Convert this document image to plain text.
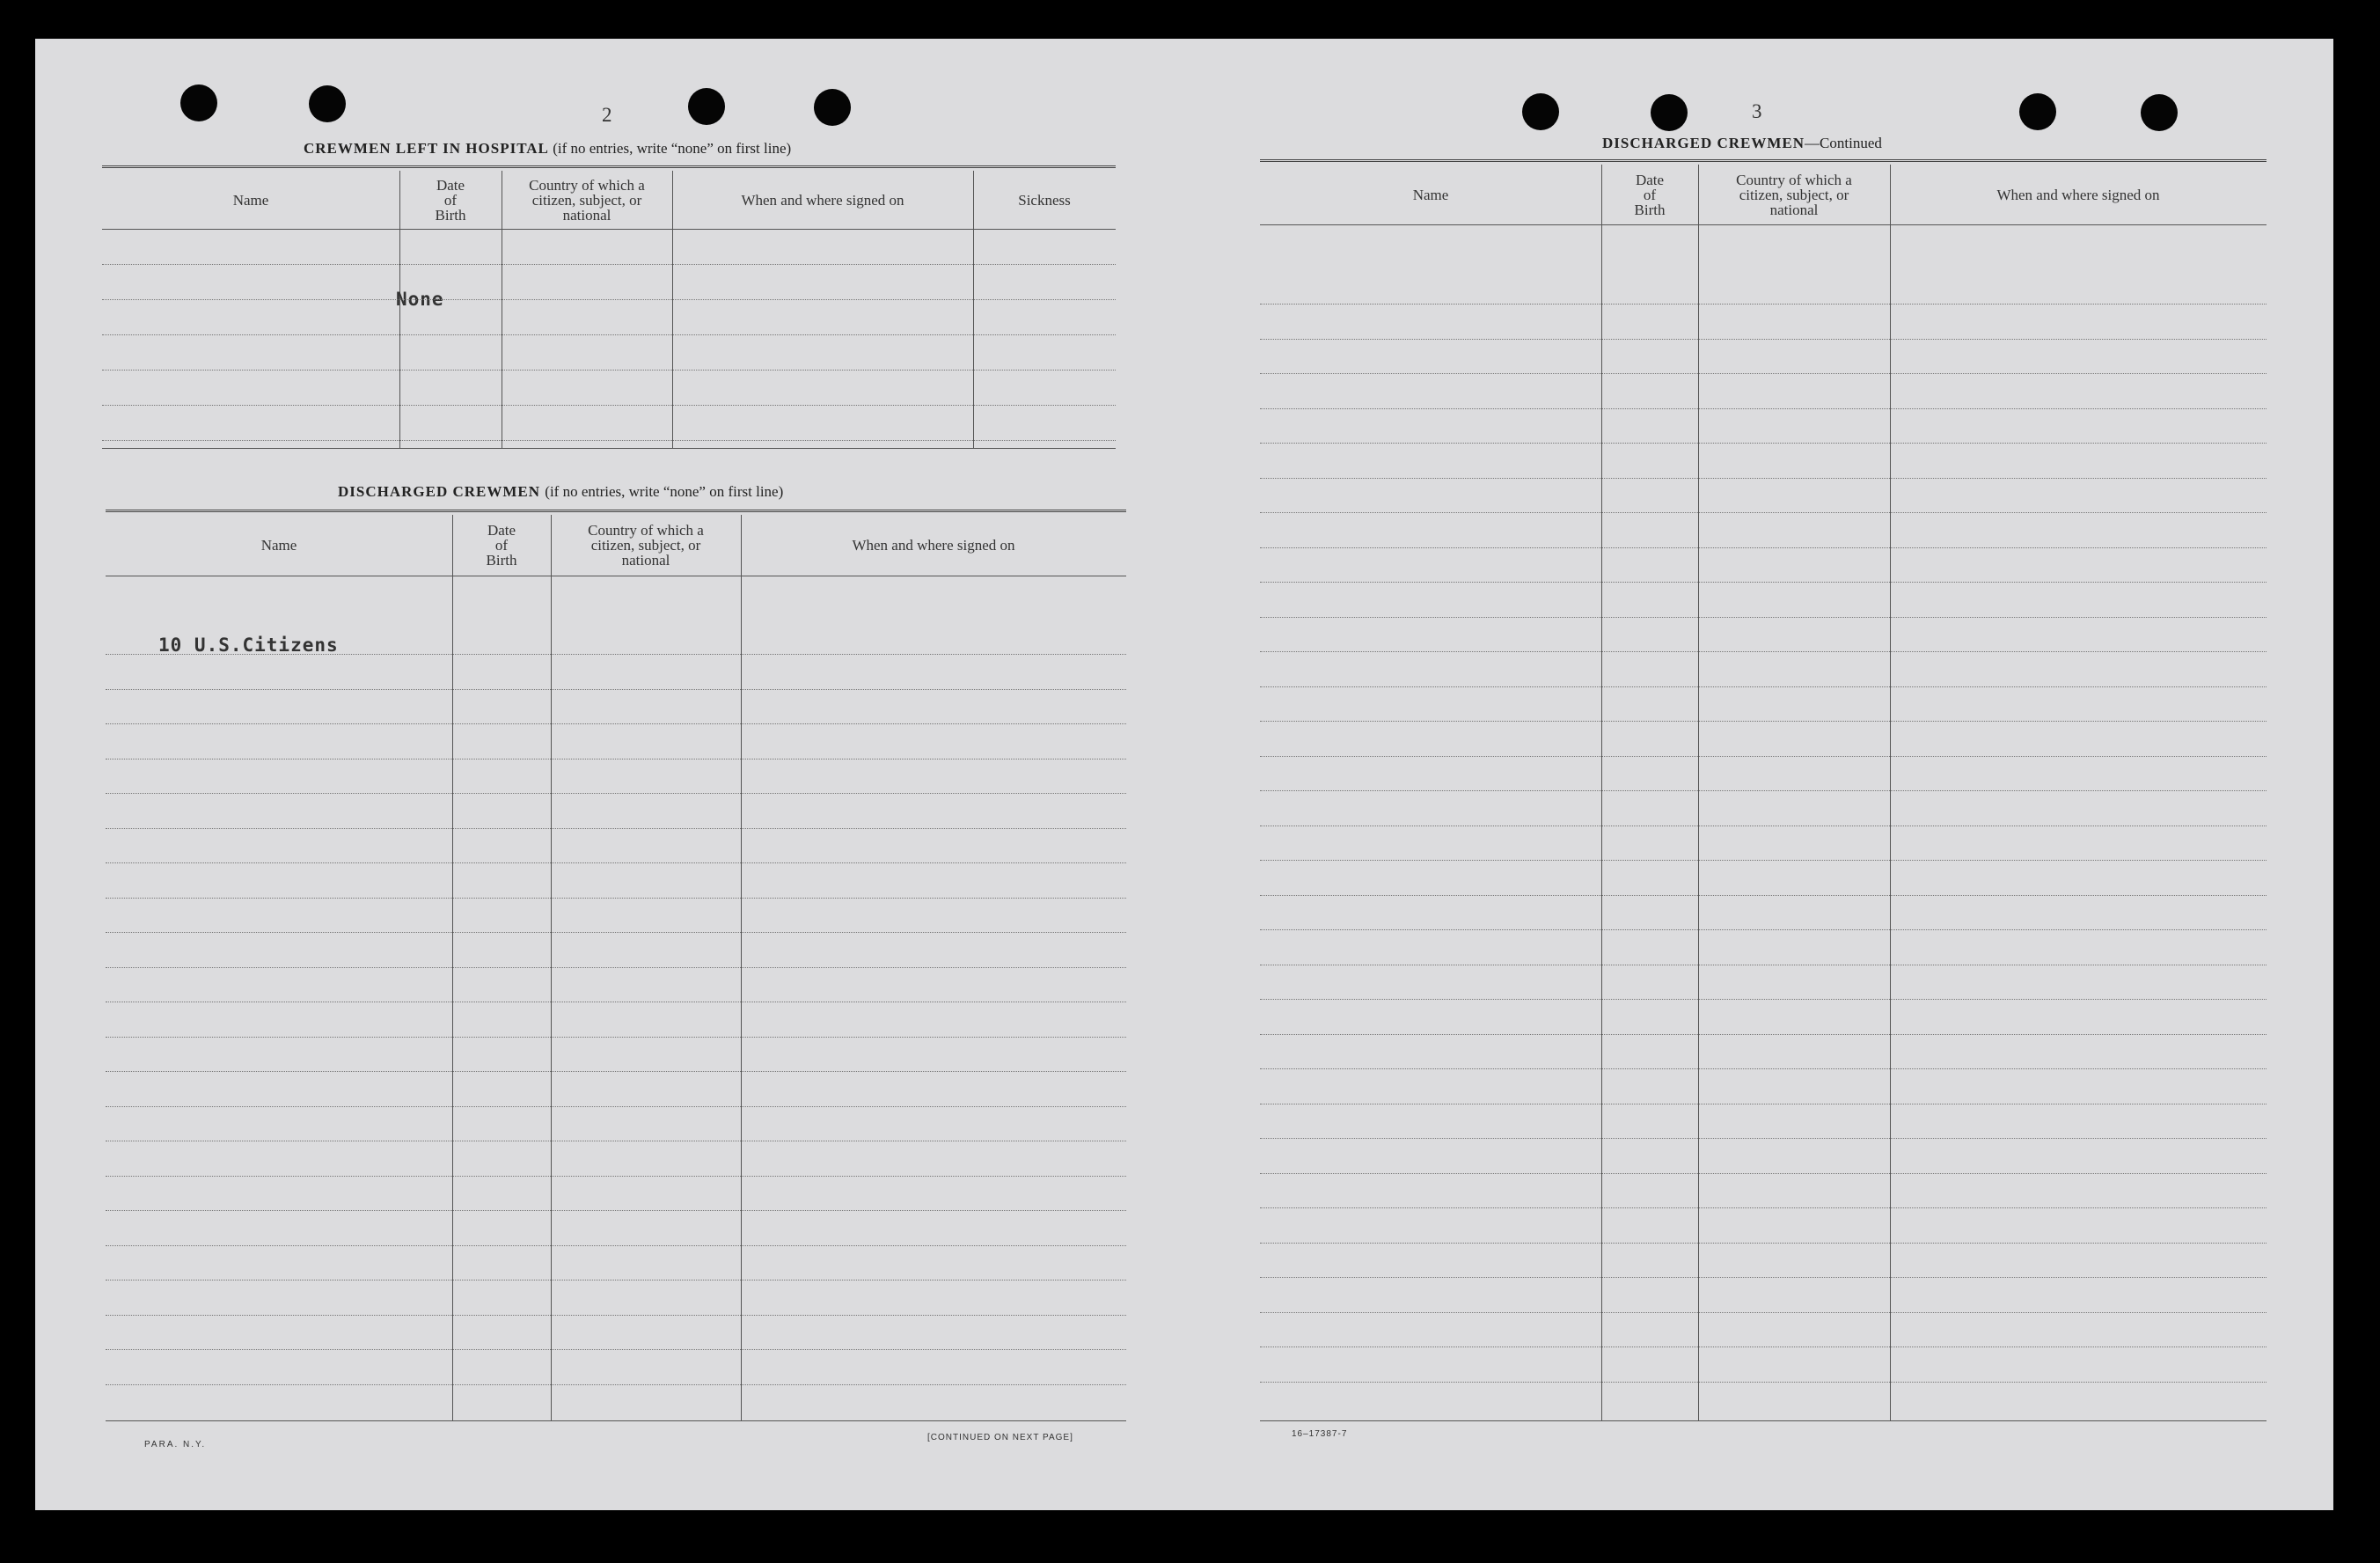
2
CREWMEN LEFT IN HOSPITAL (if no entries, write “none” on first line)
Name
Date
of
Birth
Country of which a
citizen, subject, or
national
When and where signed on	Sickness
None
DISCHARGED CREWMEN (if no entries, write “none” on first line)
Name
Date
of
Birth
Country of which a
citizen, subject, or
national
When and where signed on
10 U.S.Citizens
PARA. N.Y.
[CONTINUED ON NEXT PAGE]
3
DISCHARGED CREWMEN—Continued
Name
Date
of
Birth
Country of which a
citizen, subject, or
national
When and where signed on
16–17387-7
